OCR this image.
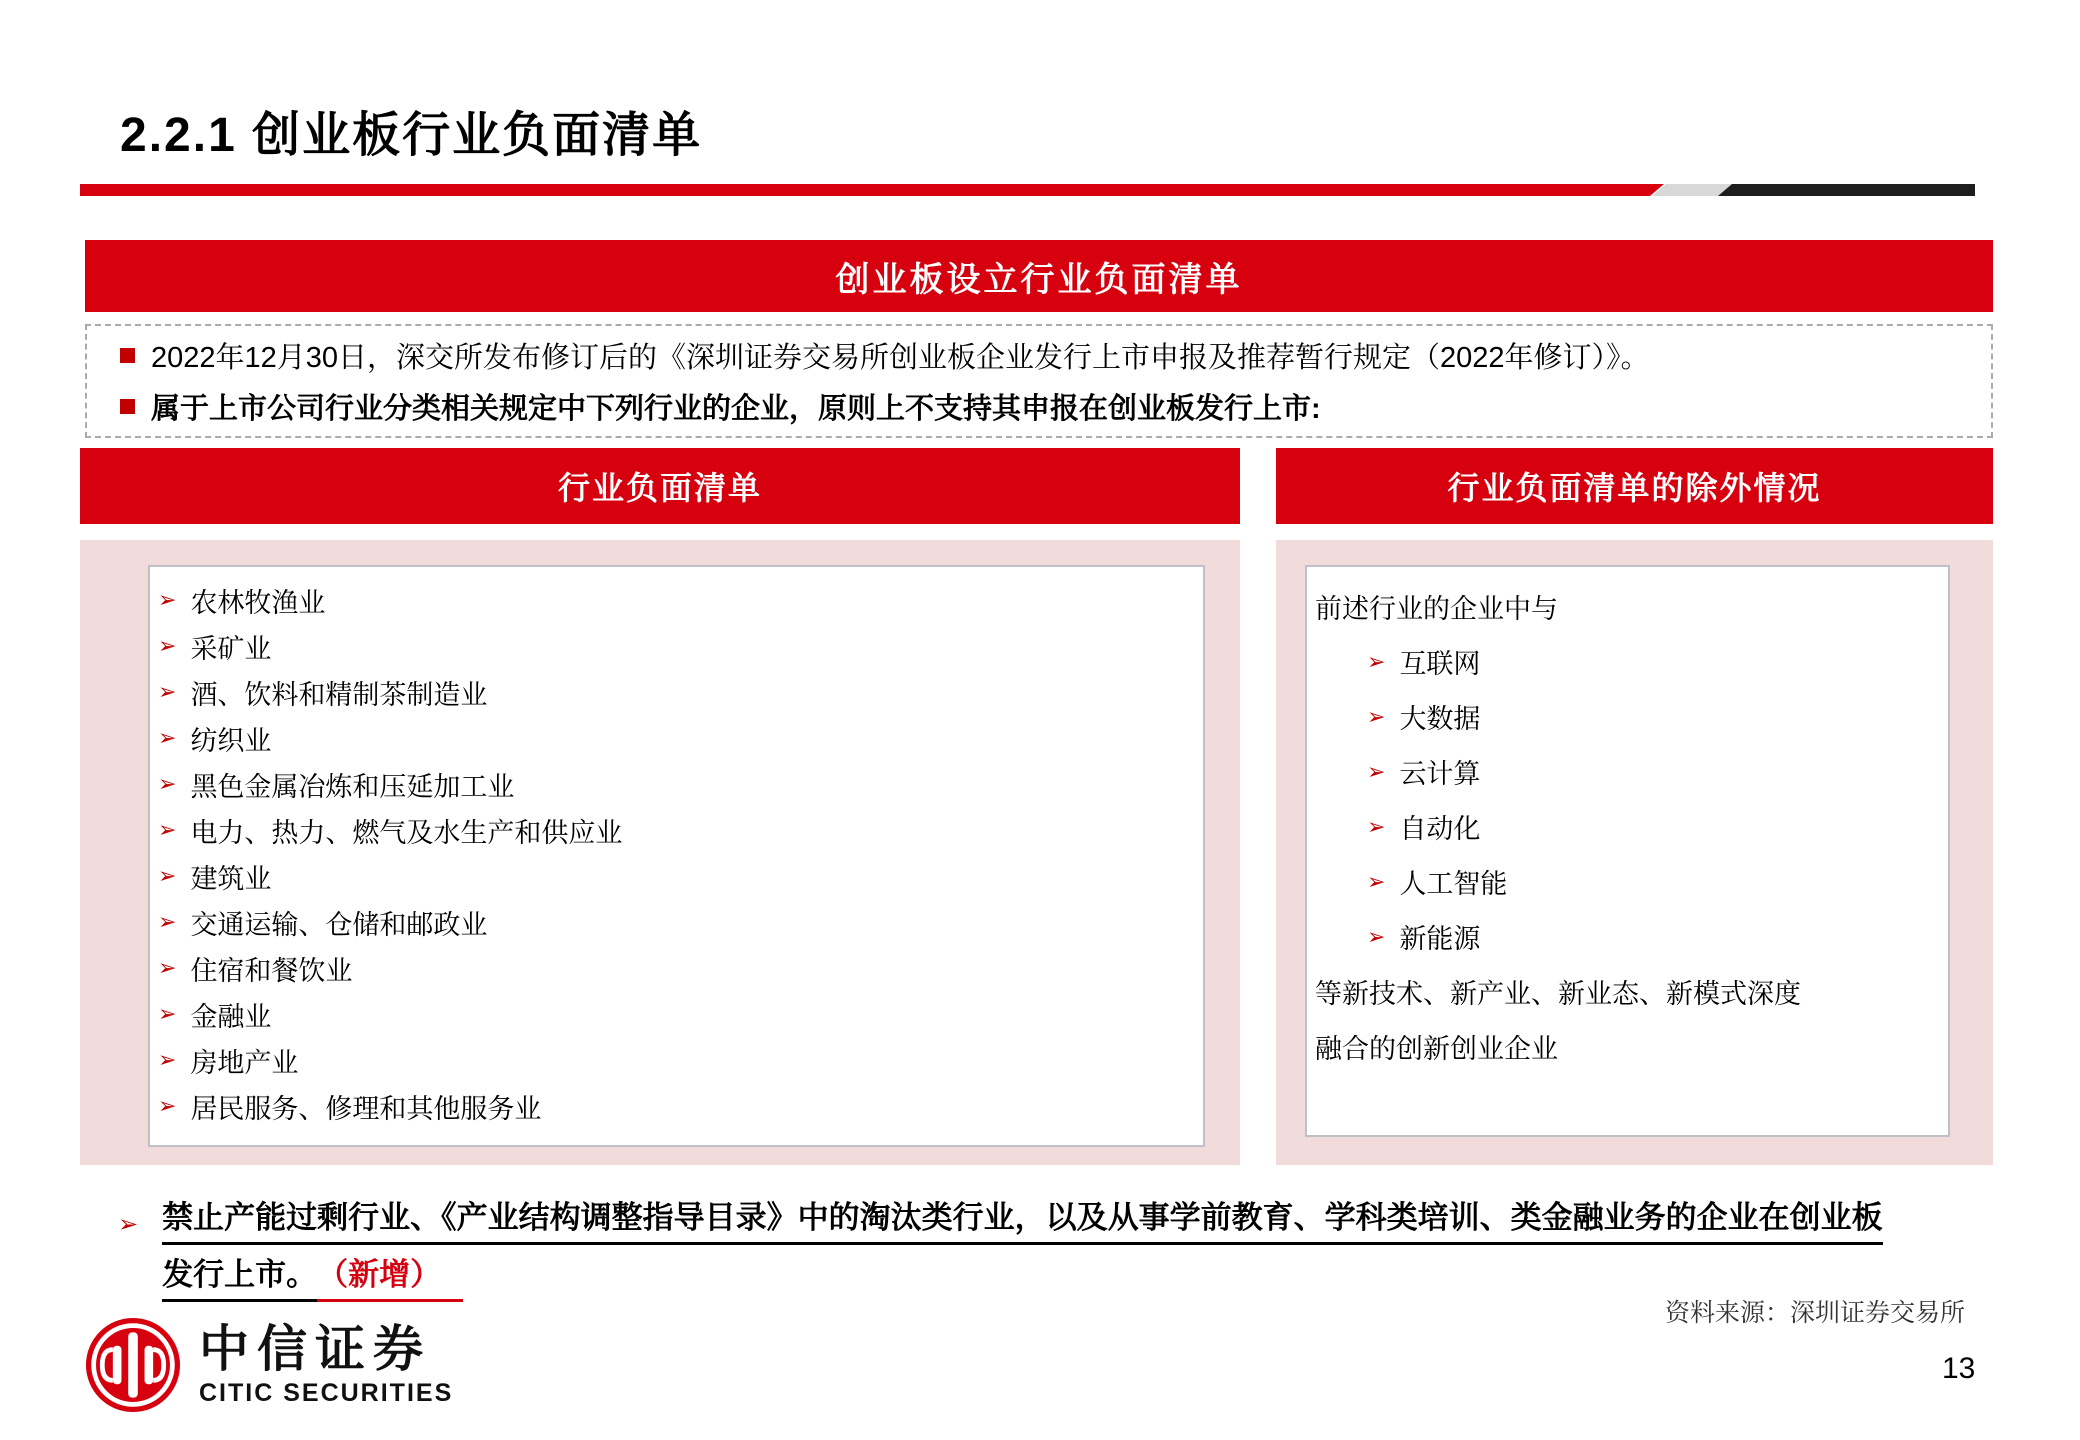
2.2.1 创业板行业负面清单
创业板设立行业负面清单
2022年12月30日，深交所发布修订后的《深圳证券交易所创业板企业发行上市申报及推荐暂行规定（2022年修订）》。
属于上市公司行业分类相关规定中下列行业的企业，原则上不支持其申报在创业板发行上市:
行业负面清单	行业负面清单的除外情况
➢ 农林牧渔业
➢ 采矿业
➢ 酒、饮料和精制茶制造业
➢ 纺织业
➢ 黑色金属冶炼和压延加工业
➢ 电力、热力、燃气及水生产和供应业
➢ 建筑业
➢ 交通运输、仓储和邮政业
➢ 住宿和餐饮业
➢ 金融业
➢ 房地产业
➢ 居民服务、修理和其他服务业
前述行业的企业中与
➢ 互联网
➢ 大数据
➢ 云计算
➢ 自动化
➢ 人工智能
➢ 新能源
等新技术、新产业、新业态、新模式深度
融合的创新创业企业
➢ 禁止产能过剩行业、《产业结构调整指导目录》中的淘汰类行业，以及从事学前教育、学科类培训、类金融业务的企业在创业板
发行上市。（新增）
资料来源：深圳证券交易所
中信证券
CITIC SECURITIES
13
